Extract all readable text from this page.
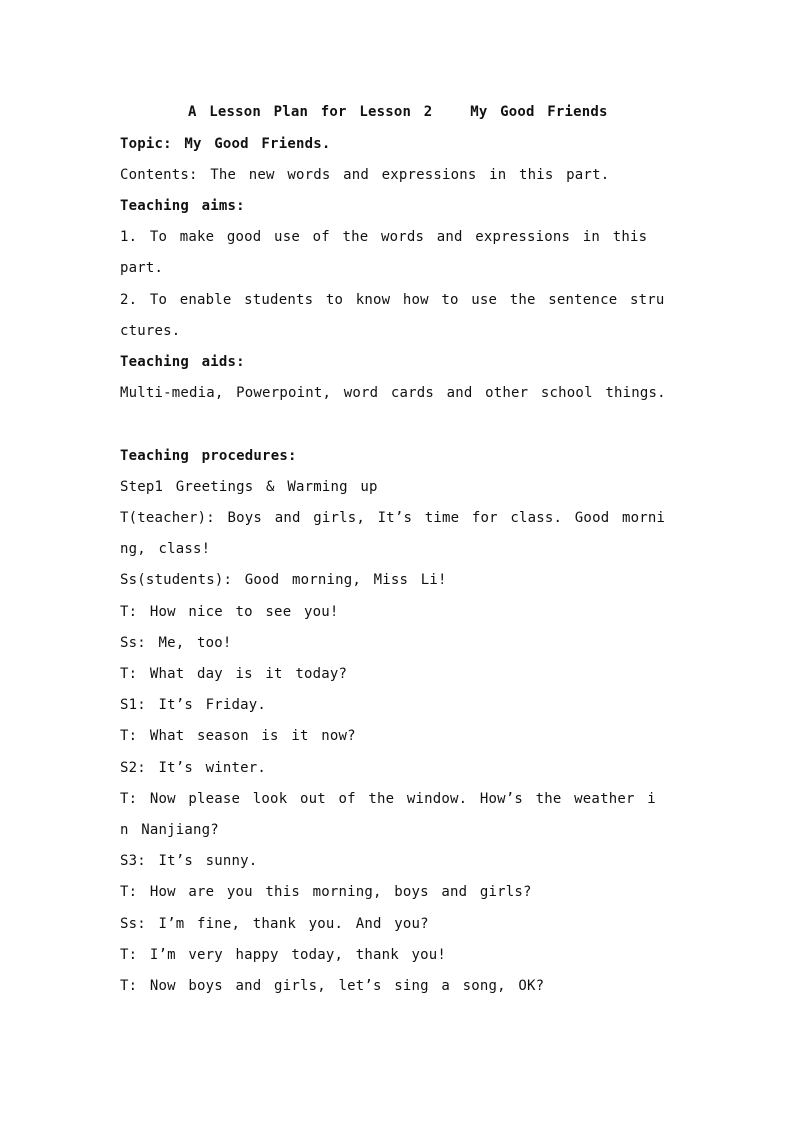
A Lesson Plan for Lesson 2   My Good Friends
Topic: My Good Friends.
Contents: The new words and expressions in this part.
Teaching aims:
1. To make good use of the words and expressions in this
part.
2. To enable students to know how to use the sentence stru
ctures.
Teaching aids:
Multi-media, Powerpoint, word cards and other school things.
Teaching procedures:
Step1 Greetings & Warming up
T(teacher): Boys and girls, It’s time for class. Good morni
ng, class!
Ss(students): Good morning, Miss Li!
T: How nice to see you!
Ss: Me, too!
T: What day is it today?
S1: It’s Friday.
T: What season is it now?
S2: It’s winter.
T: Now please look out of the window. How’s the weather i
n Nanjiang?
S3: It’s sunny.
T: How are you this morning, boys and girls?
Ss: I’m fine, thank you. And you?
T: I’m very happy today, thank you!
T: Now boys and girls, let’s sing a song, OK?
